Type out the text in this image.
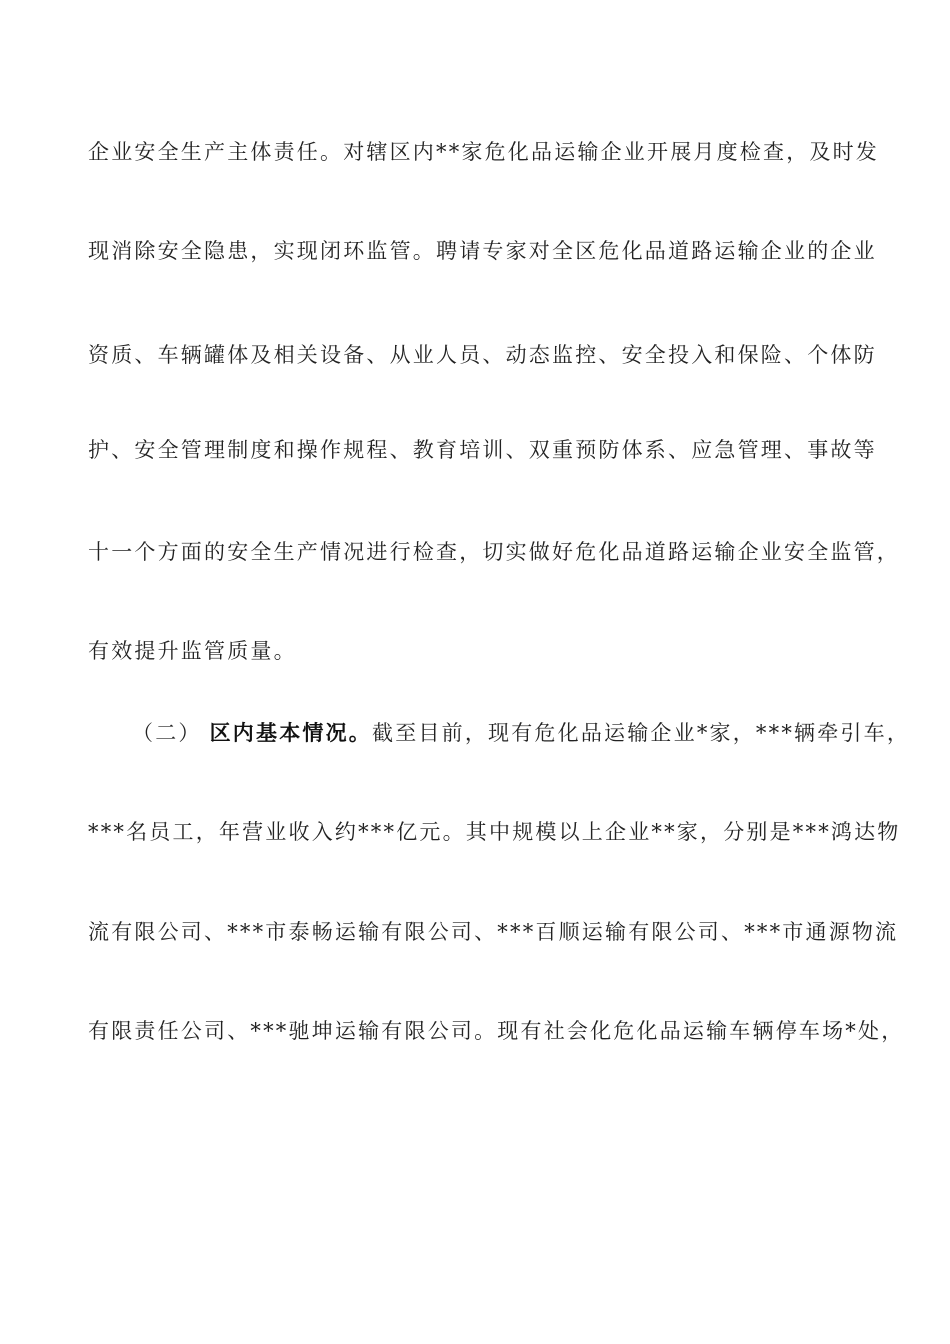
企业安全生产主体责任。对辖区内**家危化品运输企业开展月度检查，及时发
现消除安全隐患，实现闭环监管。聘请专家对全区危化品道路运输企业的企业
资质、车辆罐体及相关设备、从业人员、动态监控、安全投入和保险、个体防
护、安全管理制度和操作规程、教育培训、双重预防体系、应急管理、事故等
十一个方面的安全生产情况进行检查，切实做好危化品道路运输企业安全监管，
有效提升监管质量。
（二） 区内基本情况。截至目前，现有危化品运输企业*家，***辆牵引车，
***名员工，年营业收入约***亿元。其中规模以上企业**家，分别是***鸿达物
流有限公司、***市泰畅运输有限公司、***百顺运输有限公司、***市通源物流
有限责任公司、***驰坤运输有限公司。现有社会化危化品运输车辆停车场*处，
